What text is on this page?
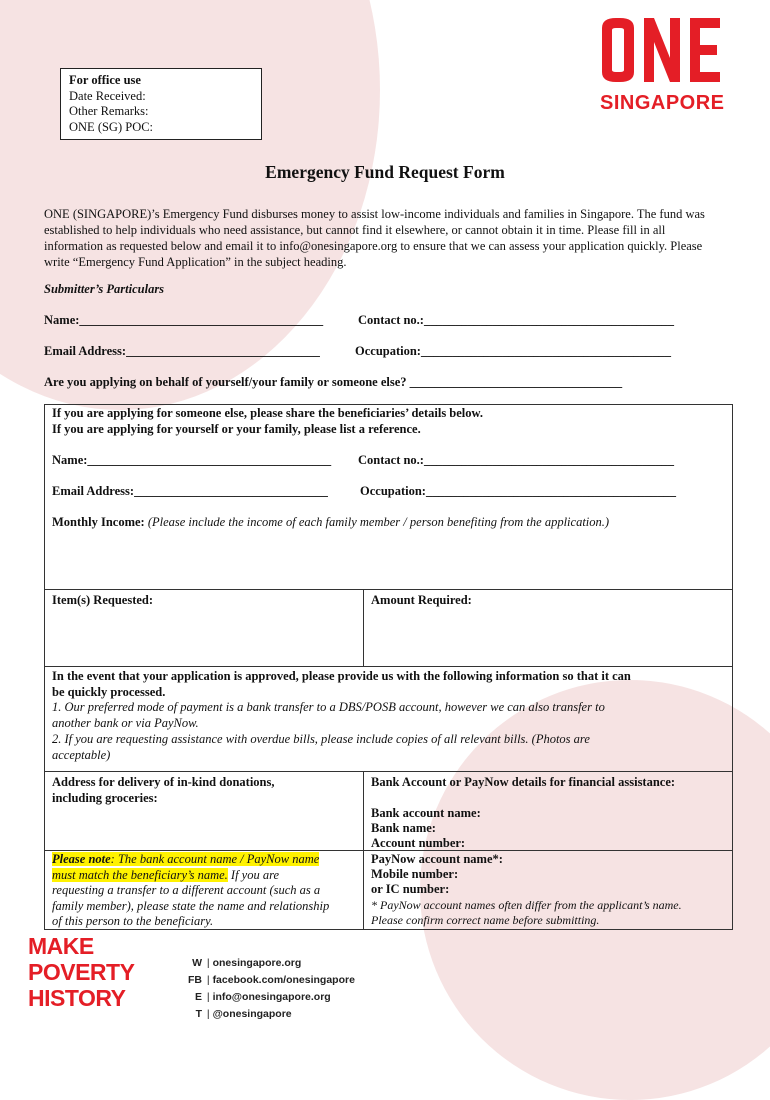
For office use
Date Received:
Other Remarks:
ONE (SG) POC:
SINGAPORE
Emergency Fund Request Form
ONE (SINGAPORE)’s Emergency Fund disburses money to assist low-income individuals and families in Singapore. The fund was established to help individuals who need assistance, but cannot find it elsewhere, or cannot obtain it in time. Please fill in all information as requested below and email it to info@onesingapore.org to ensure that we can assess your application quickly. Please write “Emergency Fund Application” in the subject heading.
Submitter’s Particulars
Name:_______________________________________	Contact no.:________________________________________
Email Address:_______________________________	Occupation:________________________________________
Are you applying on behalf of yourself/your family or someone else? __________________________________
If you are applying for someone else, please share the beneficiaries’ details below.
If you are applying for yourself or your family, please list a reference.
Name:_______________________________________ Contact no.:________________________________________
Email Address:_______________________________	Occupation:________________________________________
Monthly Income: (Please include the income of each family member / person benefiting from the application.)
Item(s) Requested:	Amount Required:
In the event that your application is approved, please provide us with the following information so that it can
be quickly processed.
1. Our preferred mode of payment is a bank transfer to a DBS/POSB account, however we can also transfer to
another bank or via PayNow.
2. If you are requesting assistance with overdue bills, please include copies of all relevant bills. (Photos are
acceptable)
Address for delivery of in-kind donations,
including groceries:
Bank Account or PayNow details for financial assistance:
Bank account name:
Bank name:
Account number:
Please note: The bank account name / PayNow name
must match the beneficiary’s name. If you are
requesting a transfer to a different account (such as a
family member), please state the name and relationship
of this person to the beneficiary.
PayNow account name*:
Mobile number:
or IC number:
* PayNow account names often differ from the applicant’s name.
Please confirm correct name before submitting.
MAKE
POVERTY
HISTORY
W | onesingapore.org
FB | facebook.com/onesingapore
E | info@onesingapore.org
T | @onesingapore
